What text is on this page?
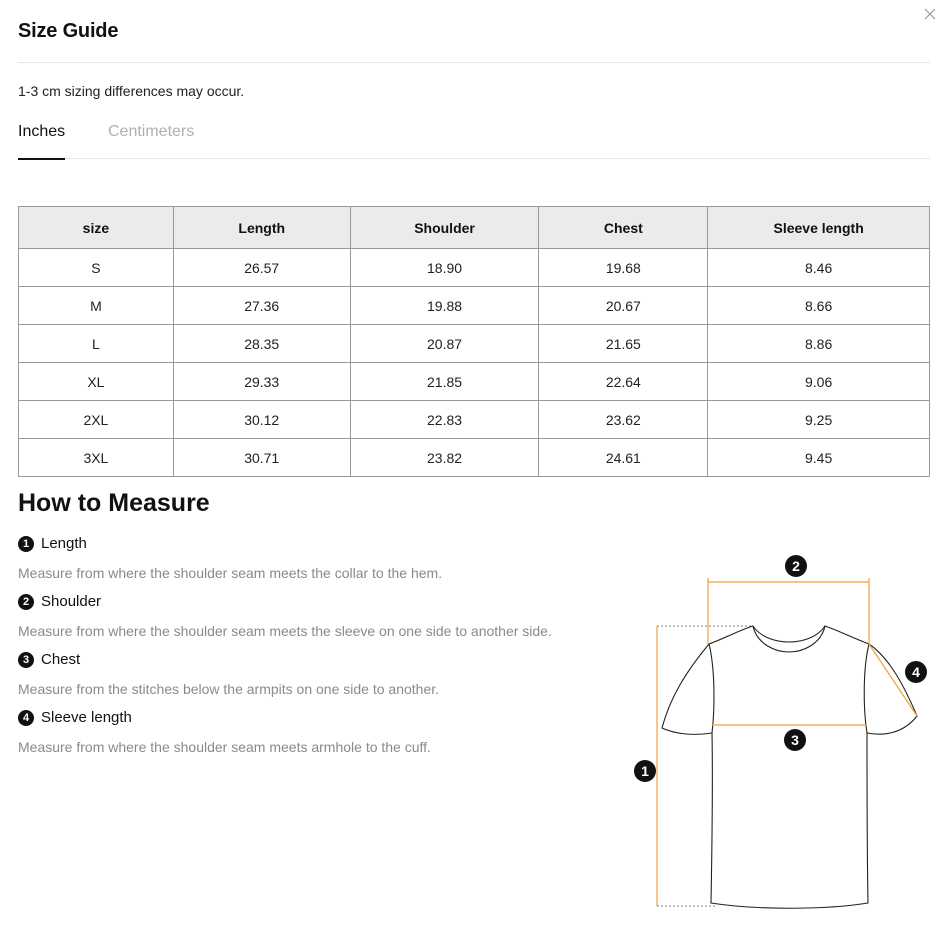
Size Guide
1-3 cm sizing differences may occur.
Inches	Centimeters
size	Length	Shoulder	Chest	Sleeve length
S	26.57	18.90	19.68	8.46
M	27.36	19.88	20.67	8.66
L	28.35	20.87	21.65	8.86
XL	29.33	21.85	22.64	9.06
2XL	30.12	22.83	23.62	9.25
3XL	30.71	23.82	24.61	9.45
How to Measure
1 Length
Measure from where the shoulder seam meets the collar to the hem.
2 Shoulder
Measure from where the shoulder seam meets the sleeve on one side to another side.
3 Chest
Measure from the stitches below the armpits on one side to another.
4 Sleeve length
Measure from where the shoulder seam meets armhole to the cuff.
1
2
3
4
